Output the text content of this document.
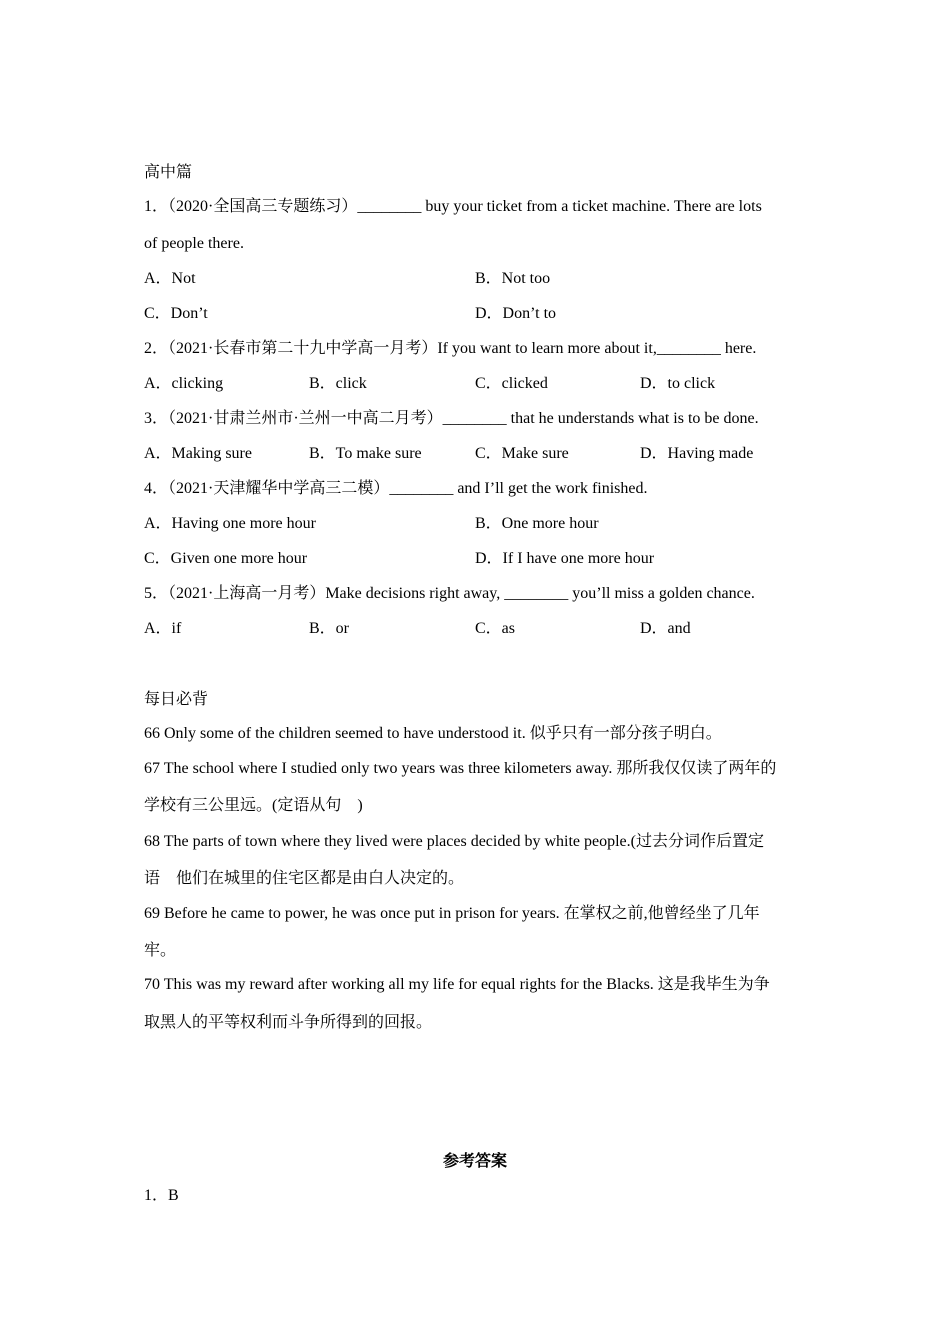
高中篇
1．（2020·全国高三专题练习）________ buy your ticket from a ticket machine. There are lots
of people there.
A．Not	B．Not too
C．Don’t	D．Don’t to
2．（2021·长春市第二十九中学高一月考）If you want to learn more about it,________ here.
A．clicking	B．click	C．clicked	D．to click
3．（2021·甘肃兰州市·兰州一中高二月考）________ that he understands what is to be done.
A．Making sure	B．To make sure	C．Make sure	D．Having made
4．（2021·天津耀华中学高三二模）________ and I’ll get the work finished.
A．Having one more hour	B．One more hour
C．Given one more hour	D．If I have one more hour
5．（2021·上海高一月考）Make decisions right away, ________ you’ll miss a golden chance.
A．if	B．or	C．as	D．and
每日必背
66 Only some of the children seemed to have understood it. 似乎只有一部分孩子明白。
67 The school where I studied only two years was three kilometers away. 那所我仅仅读了两年的
学校有三公里远。(定语从句　)
68 The parts of town where they lived were places decided by white people.(过去分词作后置定
语　他们在城里的住宅区都是由白人决定的。
69 Before he came to power, he was once put in prison for years. 在掌权之前,他曾经坐了几年
牢。
70 This was my reward after working all my life for equal rights for the Blacks. 这是我毕生为争
取黑人的平等权利而斗争所得到的回报。
参考答案
1．B
